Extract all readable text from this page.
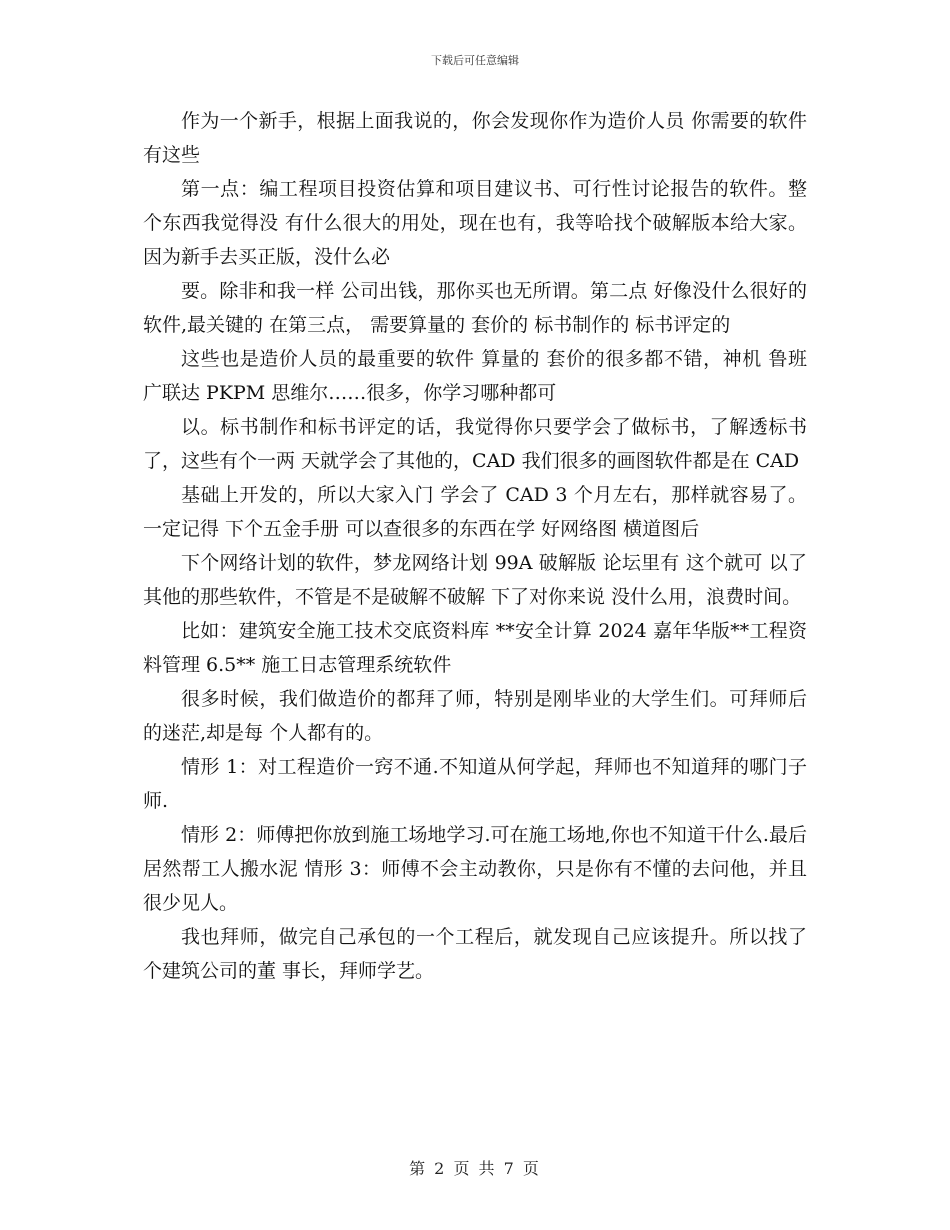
下载后可任意编辑

作为一个新手，根据上面我说的，你会发现你作为造价人员 你需要的软件有这些

第一点：编工程项目投资估算和项目建议书、可行性讨论报告的软件。整个东西我觉得没 有什么很大的用处，现在也有，我等哈找个破解版本给大家。因为新手去买正版，没什么必

要。除非和我一样 公司出钱，那你买也无所谓。第二点 好像没什么很好的软件,最关键的 在第三点， 需要算量的 套价的 标书制作的 标书评定的

这些也是造价人员的最重要的软件 算量的 套价的很多都不错，神机 鲁班 广联达 PKPM 思维尔……很多，你学习哪种都可

以。标书制作和标书评定的话，我觉得你只要学会了做标书，了解透标书了，这些有个一两 天就学会了其他的，CAD 我们很多的画图软件都是在 CAD

基础上开发的，所以大家入门 学会了 CAD 3 个月左右，那样就容易了。一定记得 下个五金手册 可以查很多的东西在学 好网络图 横道图后

下个网络计划的软件，梦龙网络计划 99A 破解版 论坛里有 这个就可 以了其他的那些软件，不管是不是破解不破解 下了对你来说 没什么用，浪费时间。

比如：建筑安全施工技术交底资料库 **安全计算 2024 嘉年华版**工程资料管理 6.5** 施工日志管理系统软件

很多时候，我们做造价的都拜了师，特别是刚毕业的大学生们。可拜师后的迷茫,却是每 个人都有的。

情形 1：对工程造价一窍不通.不知道从何学起，拜师也不知道拜的哪门子师.

情形 2：师傅把你放到施工场地学习.可在施工场地,你也不知道干什么.最后居然帮工人搬水泥 情形 3：师傅不会主动教你，只是你有不懂的去问他，并且很少见人。

我也拜师，做完自己承包的一个工程后，就发现自己应该提升。所以找了个建筑公司的董 事长，拜师学艺。

第 2 页 共 7 页
